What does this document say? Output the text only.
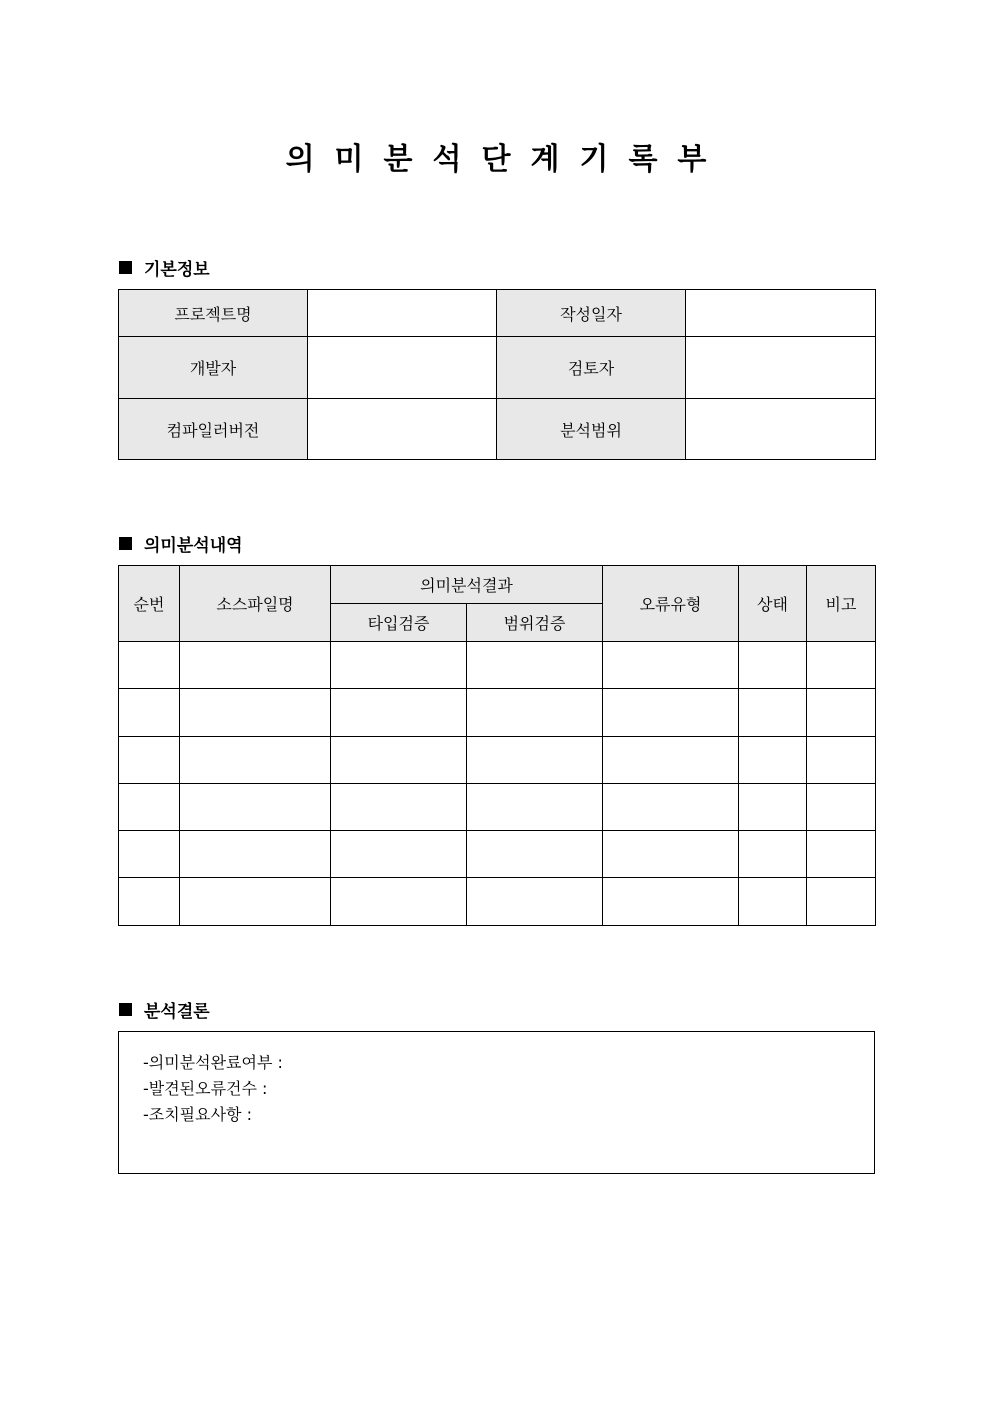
의미분석단계기록부
기본정보
프로젝트명		작성일자	
개발자		검토자	
컴파일러버전		분석범위	
의미분석내역
순번	소스파일명	의미분석결과		오류유형	상태	비고
		타입검증	범위검증			

분석결론
-의미분석완료여부 :
-발견된오류건수 :
-조치필요사항 :
